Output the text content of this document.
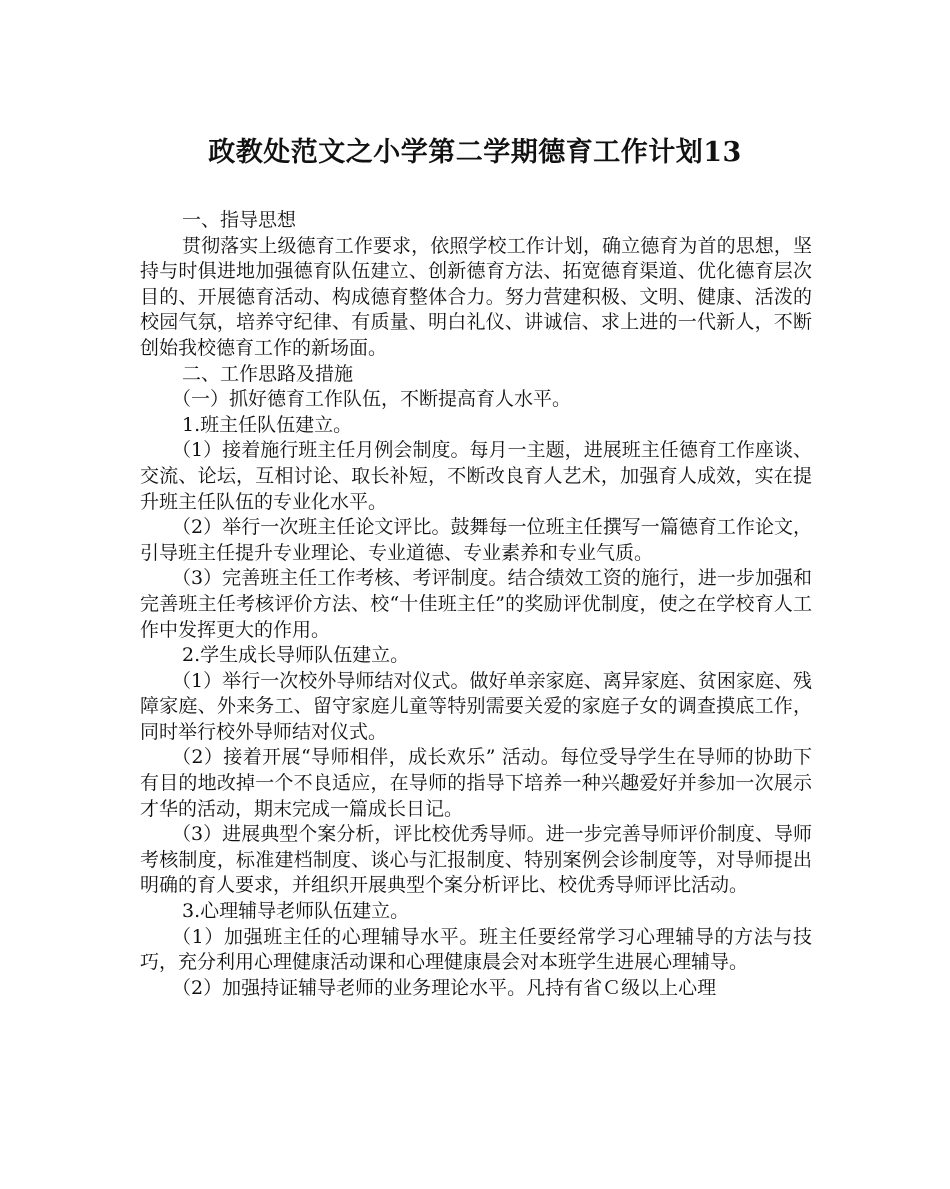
政教处范文之小学第二学期德育工作计划13

一、指导思想

贯彻落实上级德育工作要求，依照学校工作计划，确立德育为首的思想，坚持与时俱进地加强德育队伍建立、创新德育方法、拓宽德育渠道、优化德育层次目的、开展德育活动、构成德育整体合力。努力营建积极、文明、健康、活泼的校园气氛，培养守纪律、有质量、明白礼仪、讲诚信、求上进的一代新人，不断创始我校德育工作的新场面。

二、工作思路及措施

（一）抓好德育工作队伍，不断提高育人水平。

1.班主任队伍建立。

（1）接着施行班主任月例会制度。每月一主题，进展班主任德育工作座谈、交流、论坛，互相讨论、取长补短，不断改良育人艺术，加强育人成效，实在提升班主任队伍的专业化水平。

（2）举行一次班主任论文评比。鼓舞每一位班主任撰写一篇德育工作论文， 引导班主任提升专业理论、专业道德、专业素养和专业气质。

（3）完善班主任工作考核、考评制度。结合绩效工资的施行，进一步加强和完善班主任考核评价方法、校“十佳班主任”的奖励评优制度，使之在学校育人工作中发挥更大的作用。

2.学生成长导师队伍建立。

（1）举行一次校外导师结对仪式。做好单亲家庭、离异家庭、贫困家庭、残障家庭、外来务工、留守家庭儿童等特别需要关爱的家庭子女的调查摸底工作，同时举行校外导师结对仪式。

（2）接着开展“导师相伴，成长欢乐” 活动。每位受导学生在导师的协助下有目的地改掉一个不良适应，在导师的指导下培养一种兴趣爱好并参加一次展示才华的活动，期末完成一篇成长日记。

（3）进展典型个案分析，评比校优秀导师。进一步完善导师评价制度、导师考核制度，标准建档制度、谈心与汇报制度、特别案例会诊制度等，对导师提出明确的育人要求，并组织开展典型个案分析评比、校优秀导师评比活动。

3.心理辅导老师队伍建立。

（1）加强班主任的心理辅导水平。班主任要经常学习心理辅导的方法与技巧，充分利用心理健康活动课和心理健康晨会对本班学生进展心理辅导。

（2）加强持证辅导老师的业务理论水平。凡持有省Ｃ级以上心理
